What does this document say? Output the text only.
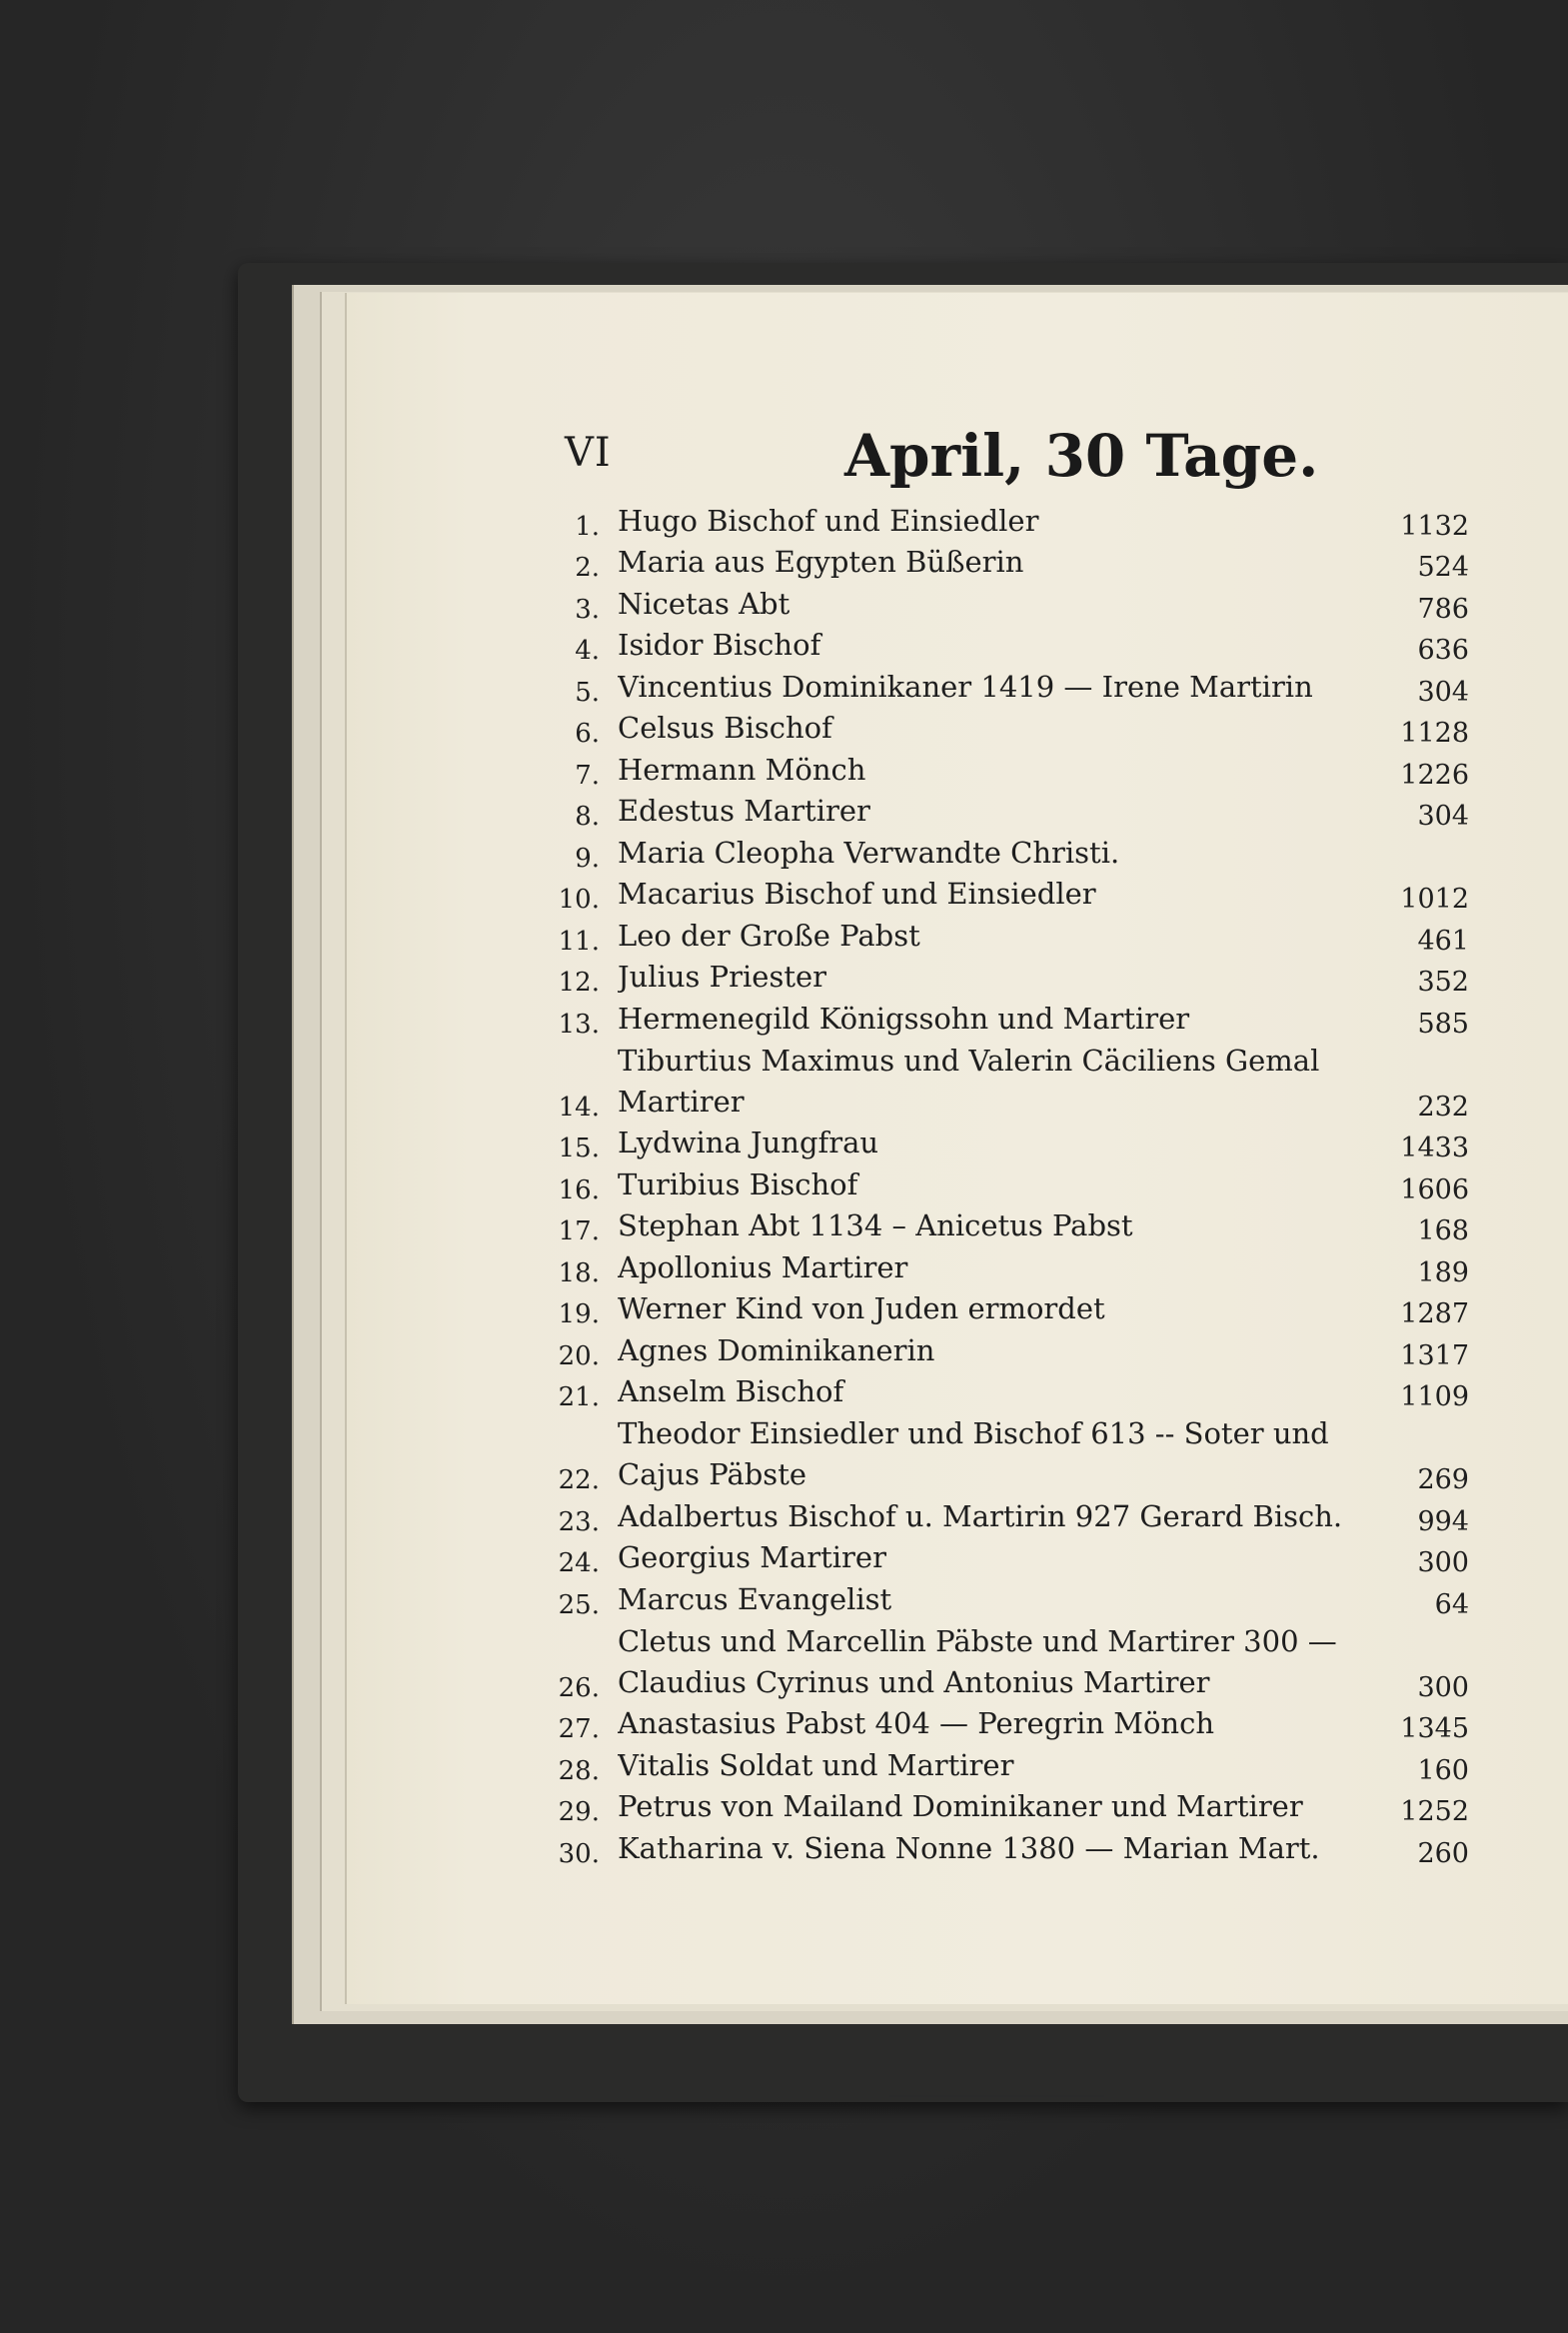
VI	April, 30 Tage.
1. Hugo Bischof und Einsiedler	1132
2. Maria aus Egypten Büßerin	524
3. Nicetas Abt	786
4. Isidor Bischof	636
5. Vincentius Dominikaner 1419 — Irene Martirin	304
6. Celsus Bischof	1128
7. Hermann Mönch	1226
8. Edestus Martirer	304
9. Maria Cleopha Verwandte Christi.
10. Macarius Bischof und Einsiedler	1012
11. Leo der Große Pabst	461
12. Julius Priester	352
13. Hermenegild Königssohn und Martirer	585
14.
Tiburtius Maximus und Valerin Cäciliens Gemal
Martirer	232
15. Lydwina Jungfrau	1433
16. Turibius Bischof	1606
17. Stephan Abt 1134 – Anicetus Pabst	168
18. Apollonius Martirer	189
19. Werner Kind von Juden ermordet	1287
20. Agnes Dominikanerin	1317
21. Anselm Bischof	1109
22.
Theodor Einsiedler und Bischof 613 -- Soter und
Cajus Päbste	269
23. Adalbertus Bischof u. Martirin 927 Gerard Bisch.	994
24. Georgius Martirer	300
25. Marcus Evangelist	64
26.
Cletus und Marcellin Päbste und Martirer 300 —
Claudius Cyrinus und Antonius Martirer	300
27. Anastasius Pabst 404 — Peregrin Mönch	1345
28. Vitalis Soldat und Martirer	160
29. Petrus von Mailand Dominikaner und Martirer	1252
30. Katharina v. Siena Nonne 1380 — Marian Mart.	260
